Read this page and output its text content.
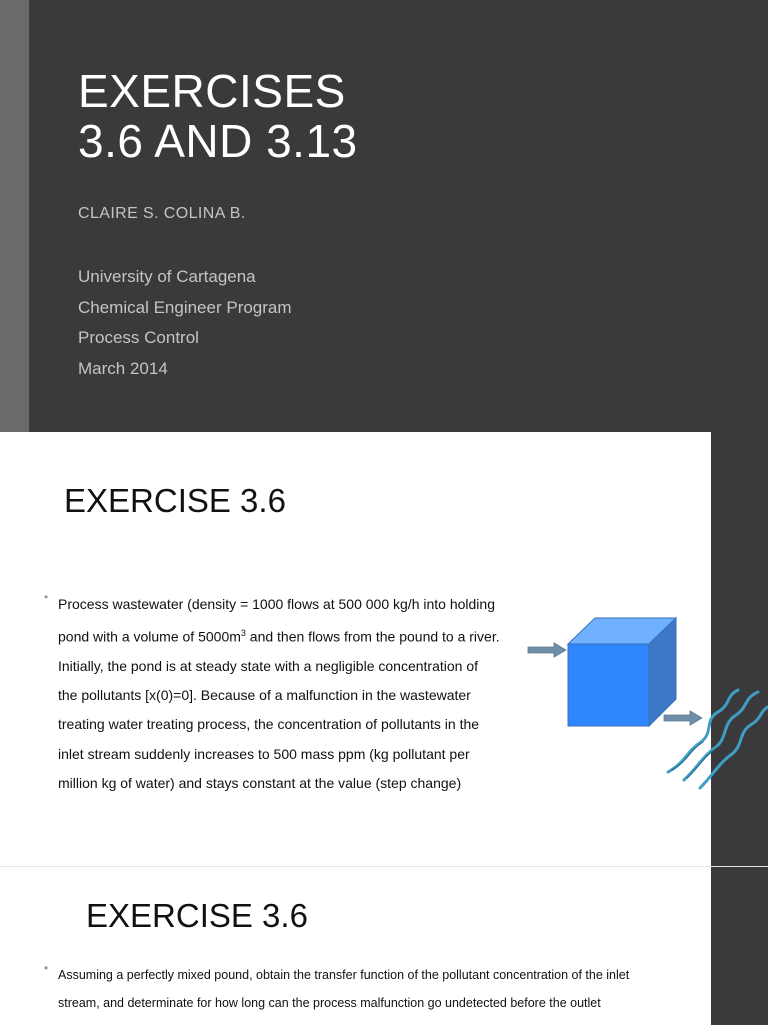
EXERCISES
3.6 AND 3.13
CLAIRE S. COLINA B.
University of Cartagena
Chemical Engineer Program
Process Control
March 2014
EXERCISE 3.6
• Process wastewater (density = 1000 flows at 500 000 kg/h into holding
pond with a volume of $5000m^3$ and then flows from the pound to a river.
Initially, the pond is at steady state with a negligible concentration of
the pollutants [x(0)=0]. Because of a malfunction in the wastewater
treating water treating process, the concentration of pollutants in the
inlet stream suddenly increases to 500 mass ppm (kg pollutant per
million kg of water) and stays constant at the value (step change)
EXERCISE 3.6
• Assuming a perfectly mixed pound, obtain the transfer function of the pollutant concentration of the inlet
stream, and determinate for how long can the process malfunction go undetected before the outlet
